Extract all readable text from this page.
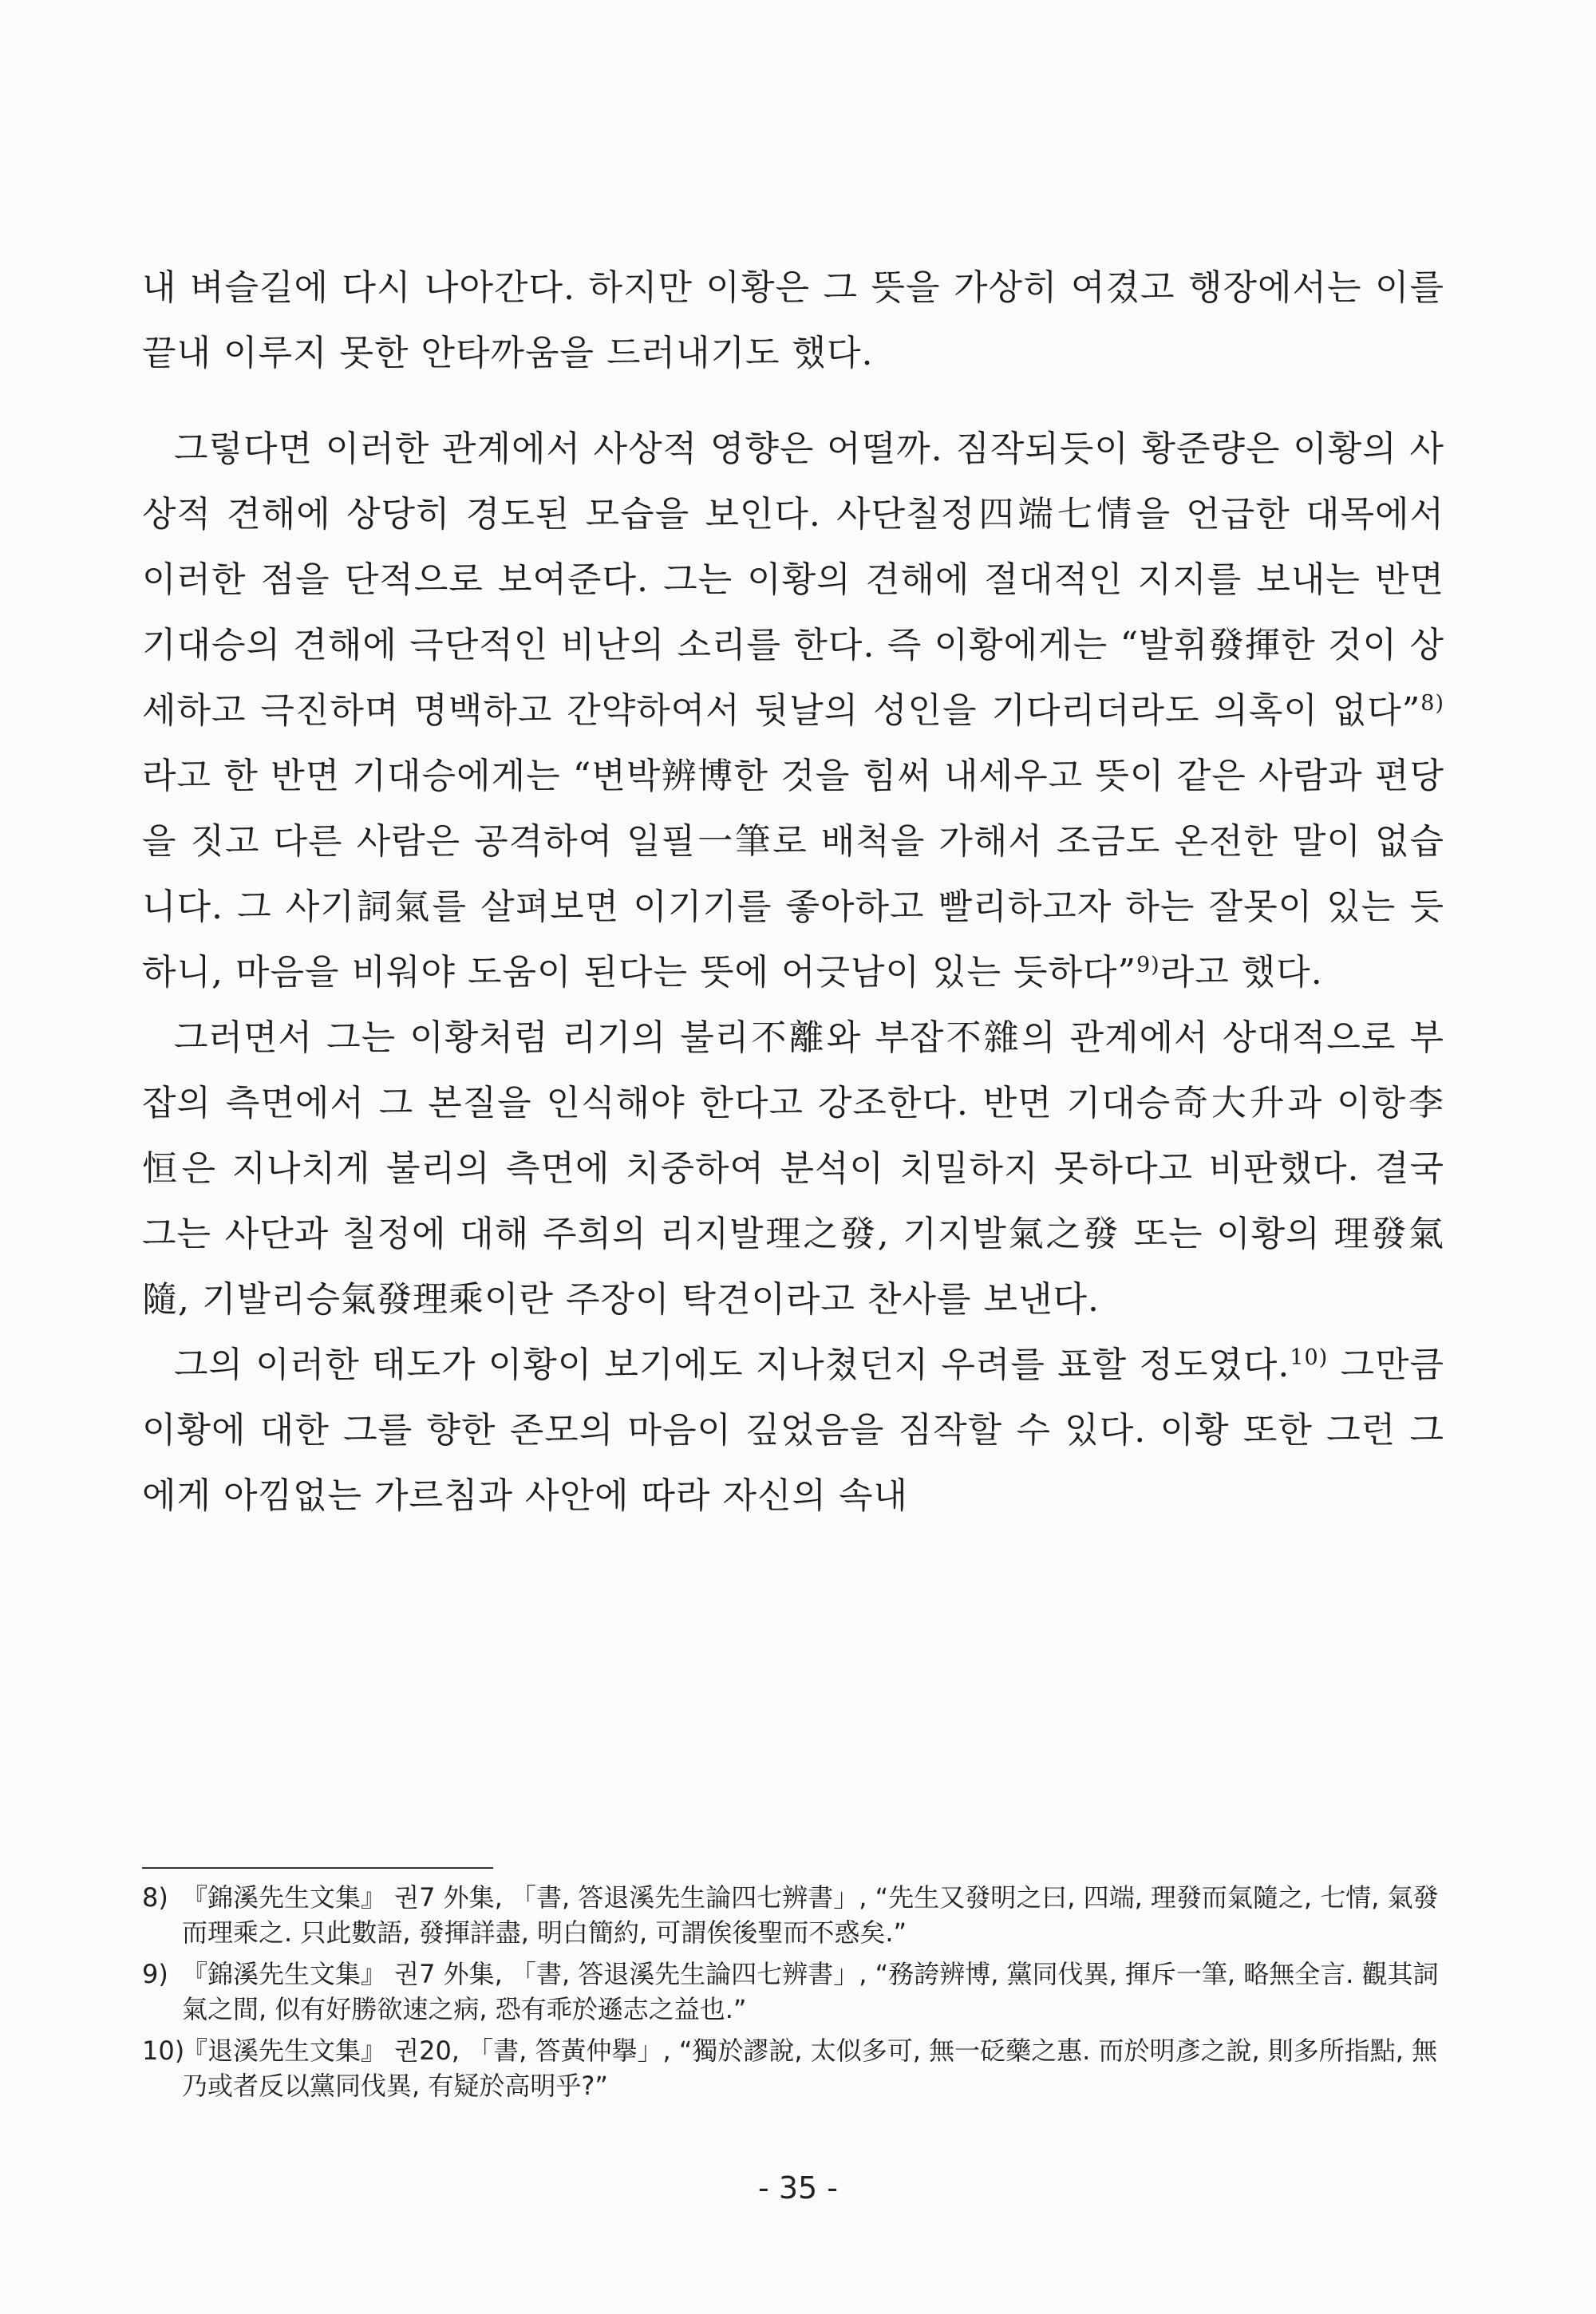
내 벼슬길에 다시 나아간다. 하지만 이황은 그 뜻을 가상히 여겼고 행장에서는 이를 끝내 이루지 못한 안타까움을 드러내기도 했다.

그렇다면 이러한 관계에서 사상적 영향은 어떨까. 짐작되듯이 황준량은 이황의 사상적 견해에 상당히 경도된 모습을 보인다. 사단칠정四端七情을 언급한 대목에서 이러한 점을 단적으로 보여준다. 그는 이황의 견해에 절대적인 지지를 보내는 반면 기대승의 견해에 극단적인 비난의 소리를 한다. 즉 이황에게는 “발휘發揮한 것이 상세하고 극진하며 명백하고 간약하여서 뒷날의 성인을 기다리더라도 의혹이 없다”$^{8)}$라고 한 반면 기대승에게는 “변박辨博한 것을 힘써 내세우고 뜻이 같은 사람과 편당을 짓고 다른 사람은 공격하여 일필一筆로 배척을 가해서 조금도 온전한 말이 없습니다. 그 사기詞氣를 살펴보면 이기기를 좋아하고 빨리하고자 하는 잘못이 있는 듯하니, 마음을 비워야 도움이 된다는 뜻에 어긋남이 있는 듯하다”$^{9)}$라고 했다.

그러면서 그는 이황처럼 리기의 불리不離와 부잡不雜의 관계에서 상대적으로 부잡의 측면에서 그 본질을 인식해야 한다고 강조한다. 반면 기대승奇大升과 이항李恒은 지나치게 불리의 측면에 치중하여 분석이 치밀하지 못하다고 비판했다. 결국 그는 사단과 칠정에 대해 주희의 리지발理之發, 기지발氣之發 또는 이황의 理發氣隨, 기발리승氣發理乘이란 주장이 탁견이라고 찬사를 보낸다.

그의 이러한 태도가 이황이 보기에도 지나쳤던지 우려를 표할 정도였다.$^{10)}$ 그만큼 이황에 대한 그를 향한 존모의 마음이 깊었음을 짐작할 수 있다. 이황 또한 그런 그에게 아낌없는 가르침과 사안에 따라 자신의 속내

8) 『錦溪先生文集』 권7 外集, 「書, 答退溪先生論四七辨書」, “先生又發明之曰, 四端, 理發而氣隨之, 七情, 氣發而理乘之. 只此數語, 發揮詳盡, 明白簡約, 可謂俟後聖而不惑矣.”

9) 『錦溪先生文集』 권7 外集, 「書, 答退溪先生論四七辨書」, “務誇辨博, 黨同伐異, 揮斥一筆, 略無全言. 觀其詞氣之間, 似有好勝欲速之病, 恐有乖於遜志之益也.”

10)『退溪先生文集』 권20, 「書, 答黃仲擧」, “獨於謬說, 太似多可, 無一砭藥之惠. 而於明彥之說, 則多所指點, 無乃或者反以黨同伐異, 有疑於高明乎?”

- 35 -
